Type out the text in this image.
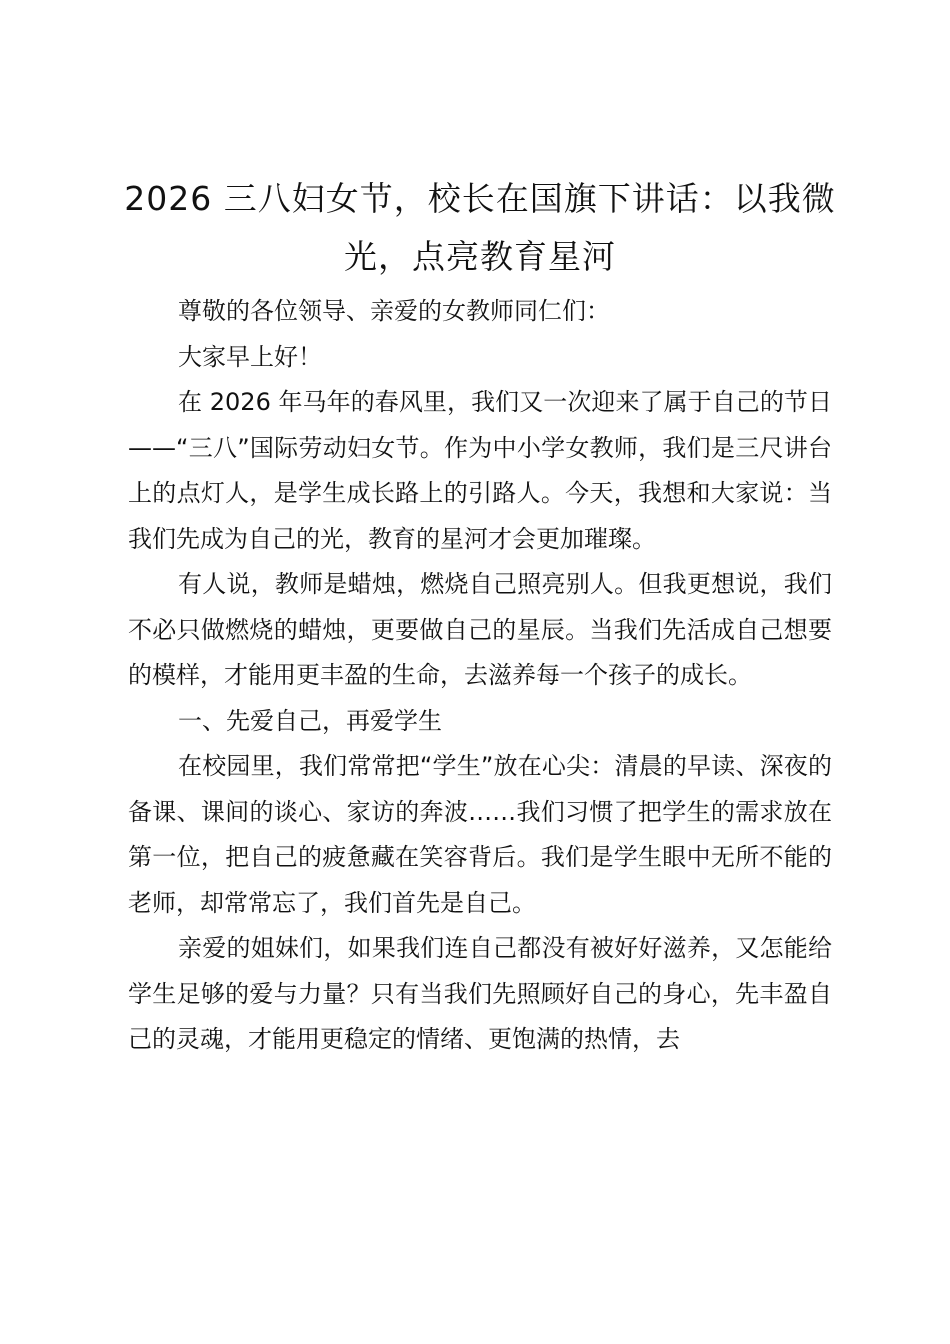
2026 三八妇女节，校长在国旗下讲话：以我微光，点亮教育星河

尊敬的各位领导、亲爱的女教师同仁们：

大家早上好！

在 2026 年马年的春风里，我们又一次迎来了属于自己的节日——“三八”国际劳动妇女节。作为中小学女教师，我们是三尺讲台上的点灯人，是学生成长路上的引路人。今天，我想和大家说：当我们先成为自己的光，教育的星河才会更加璀璨。

有人说，教师是蜡烛，燃烧自己照亮别人。但我更想说，我们不必只做燃烧的蜡烛，更要做自己的星辰。当我们先活成自己想要的模样，才能用更丰盈的生命，去滋养每一个孩子的成长。

一、先爱自己，再爱学生

在校园里，我们常常把“学生”放在心尖：清晨的早读、深夜的备课、课间的谈心、家访的奔波……我们习惯了把学生的需求放在第一位，把自己的疲惫藏在笑容背后。我们是学生眼中无所不能的老师，却常常忘了，我们首先是自己。

亲爱的姐妹们，如果我们连自己都没有被好好滋养，又怎能给学生足够的爱与力量？只有当我们先照顾好自己的身心，先丰盈自己的灵魂，才能用更稳定的情绪、更饱满的热情，去
